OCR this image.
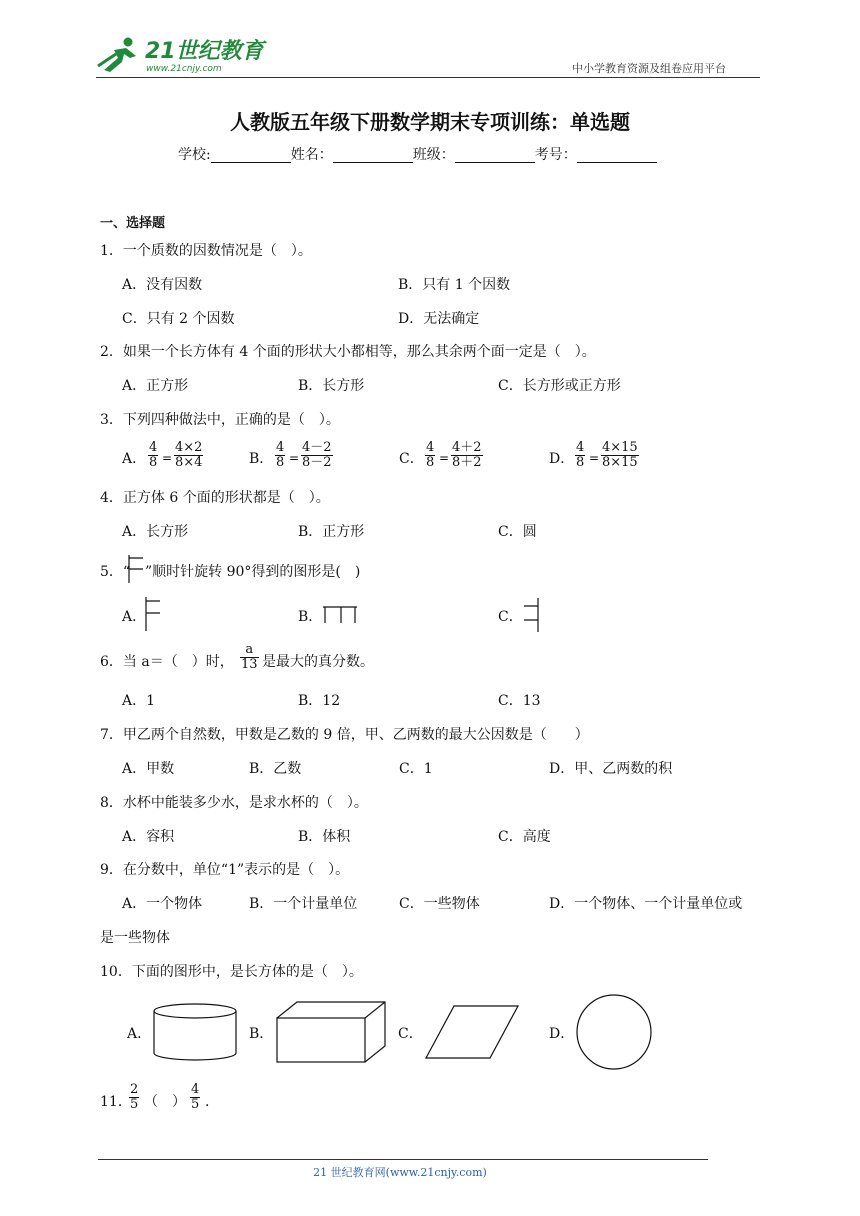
21世纪教育
www.21cnjy.com	中小学教育资源及组卷应用平台
人教版五年级下册数学期末专项训练：单选题
学校:	姓名：	班级：	考号：
一、选择题
1．一个质数的因数情况是（　）。
A．没有因数	B．只有 1 个因数
C．只有 2 个因数	D．无法确定
2．如果一个长方体有 4 个面的形状大小都相等，那么其余两个面一定是（　）。
A．正方形	B．长方形	C．长方形或正方形
3．下列四种做法中，正确的是（　）。
A． $\frac{4}{8} = \frac{4\times 2}{8\times 4}$	B． $\frac{4}{8} = \frac{4-2}{8-2}$	C． $\frac{4}{8} = \frac{4+2}{8+2}$	D． $\frac{4}{8} = \frac{4\times 15}{8\times 15}$
4．正方体 6 个面的形状都是（　）。
A．长方形	B．正方形	C．圆
5．“ ”顺时针旋转 90°得到的图形是(　)
A．	B．	C．
6．当 a＝（　）时， $\frac{a}{13}$ 是最大的真分数。
A．1	B．12	C．13
7．甲乙两个自然数，甲数是乙数的 9 倍，甲、乙两数的最大公因数是（　　）
A．甲数	B．乙数	C．1	D．甲、乙两数的积
8．水杯中能装多少水，是求水杯的（　）。
A．容积	B．体积	C．高度
9．在分数中，单位“1”表示的是（　）。
A．一个物体	B．一个计量单位	C．一些物体	D．一个物体、一个计量单位或
是一些物体
10．下面的图形中，是长方体的是（　）。
A．	B．	C．	D．
11．
$\frac{2}{5}$ （　） $\frac{4}{5}$ .
21 世纪教育网(www.21cnjy.com)
